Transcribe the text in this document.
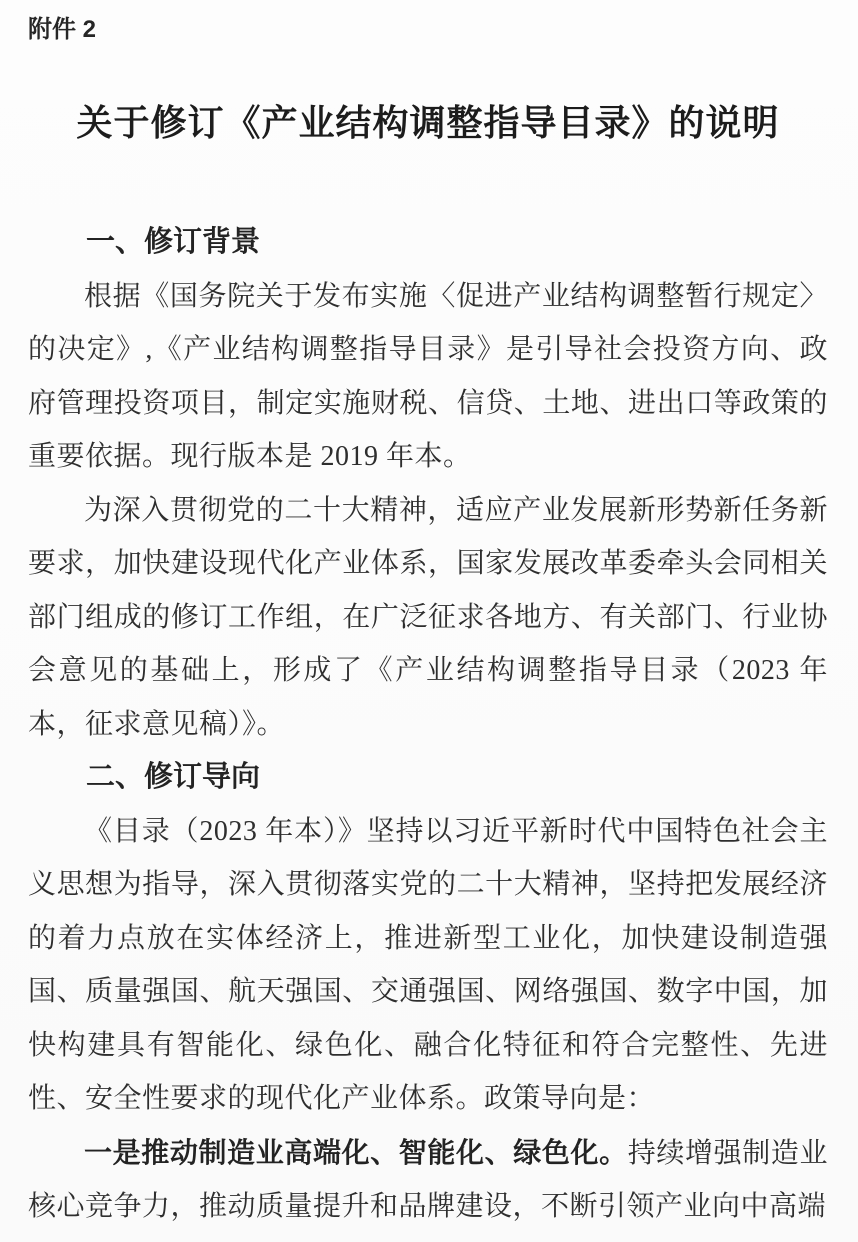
附件 2
关于修订《产业结构调整指导目录》的说明
一、修订背景

根据《国务院关于发布实施〈促进产业结构调整暂行规定〉的决定》,《产业结构调整指导目录》是引导社会投资方向、政府管理投资项目，制定实施财税、信贷、土地、进出口等政策的重要依据。现行版本是 2019 年本。

为深入贯彻党的二十大精神，适应产业发展新形势新任务新要求，加快建设现代化产业体系，国家发展改革委牵头会同相关部门组成的修订工作组，在广泛征求各地方、有关部门、行业协会意见的基础上，形成了《产业结构调整指导目录（2023 年本，征求意见稿）》。

二、修订导向

《目录（2023 年本）》坚持以习近平新时代中国特色社会主义思想为指导，深入贯彻落实党的二十大精神，坚持把发展经济的着力点放在实体经济上，推进新型工业化，加快建设制造强国、质量强国、航天强国、交通强国、网络强国、数字中国，加快构建具有智能化、绿色化、融合化特征和符合完整性、先进性、安全性要求的现代化产业体系。政策导向是：

一是推动制造业高端化、智能化、绿色化。持续增强制造业核心竞争力，推动质量提升和品牌建设，不断引领产业向中高端
